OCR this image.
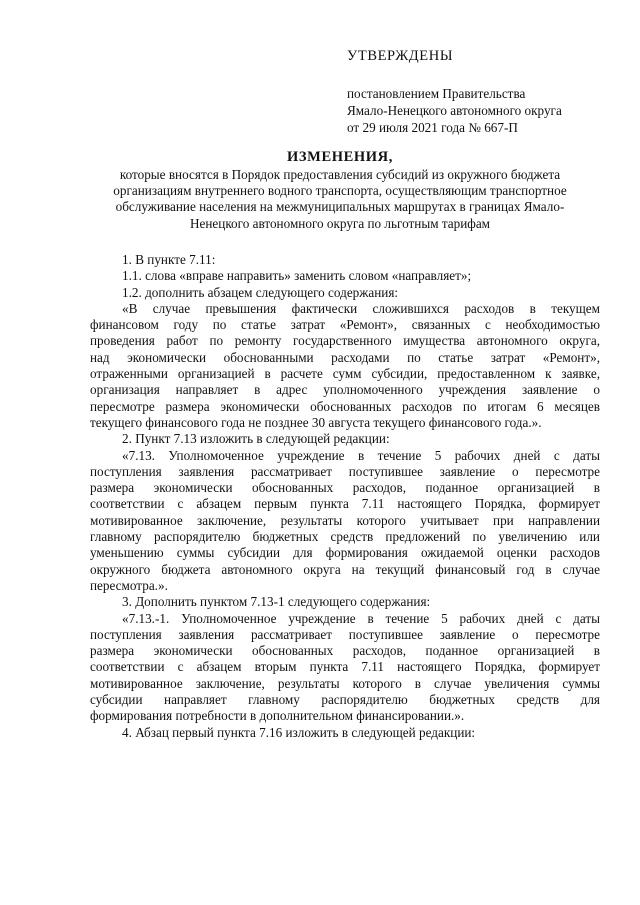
УТВЕРЖДЕНЫ
постановлением Правительства
Ямало-Ненецкого автономного округа
от 29 июля 2021 года № 667-П
ИЗМЕНЕНИЯ,
которые вносятся в Порядок предоставления субсидий из окружного бюджета
организациям внутреннего водного транспорта, осуществляющим транспортное
обслуживание населения на межмуниципальных маршрутах в границах Ямало-
Ненецкого автономного округа по льготным тарифам

1. В пункте 7.11:

1.1. слова «вправе направить» заменить словом «направляет»;

1.2. дополнить абзацем следующего содержания:

«В случае превышения фактически сложившихся расходов в текущем
финансовом году по статье затрат «Ремонт», связанных с необходимостью
проведения работ по ремонту государственного имущества автономного округа,
над экономически обоснованными расходами по статье затрат «Ремонт»,
отраженными организацией в расчете сумм субсидии, предоставленном к заявке,
организация направляет в адрес уполномоченного учреждения заявление о
пересмотре размера экономически обоснованных расходов по итогам 6 месяцев
текущего финансового года не позднее 30 августа текущего финансового года.».

2. Пункт 7.13 изложить в следующей редакции:

«7.13. Уполномоченное учреждение в течение 5 рабочих дней с даты
поступления заявления рассматривает поступившее заявление о пересмотре
размера экономически обоснованных расходов, поданное организацией в
соответствии с абзацем первым пункта 7.11 настоящего Порядка, формирует
мотивированное заключение, результаты которого учитывает при направлении
главному распорядителю бюджетных средств предложений по увеличению или
уменьшению суммы субсидии для формирования ожидаемой оценки расходов
окружного бюджета автономного округа на текущий финансовый год в случае
пересмотра.».

3. Дополнить пунктом 7.13-1 следующего содержания:

«7.13.-1. Уполномоченное учреждение в течение 5 рабочих дней с даты
поступления заявления рассматривает поступившее заявление о пересмотре
размера экономически обоснованных расходов, поданное организацией в
соответствии с абзацем вторым пункта 7.11 настоящего Порядка, формирует
мотивированное заключение, результаты которого в случае увеличения суммы
субсидии направляет главному распорядителю бюджетных средств для
формирования потребности в дополнительном финансировании.».

4. Абзац первый пункта 7.16 изложить в следующей редакции:
